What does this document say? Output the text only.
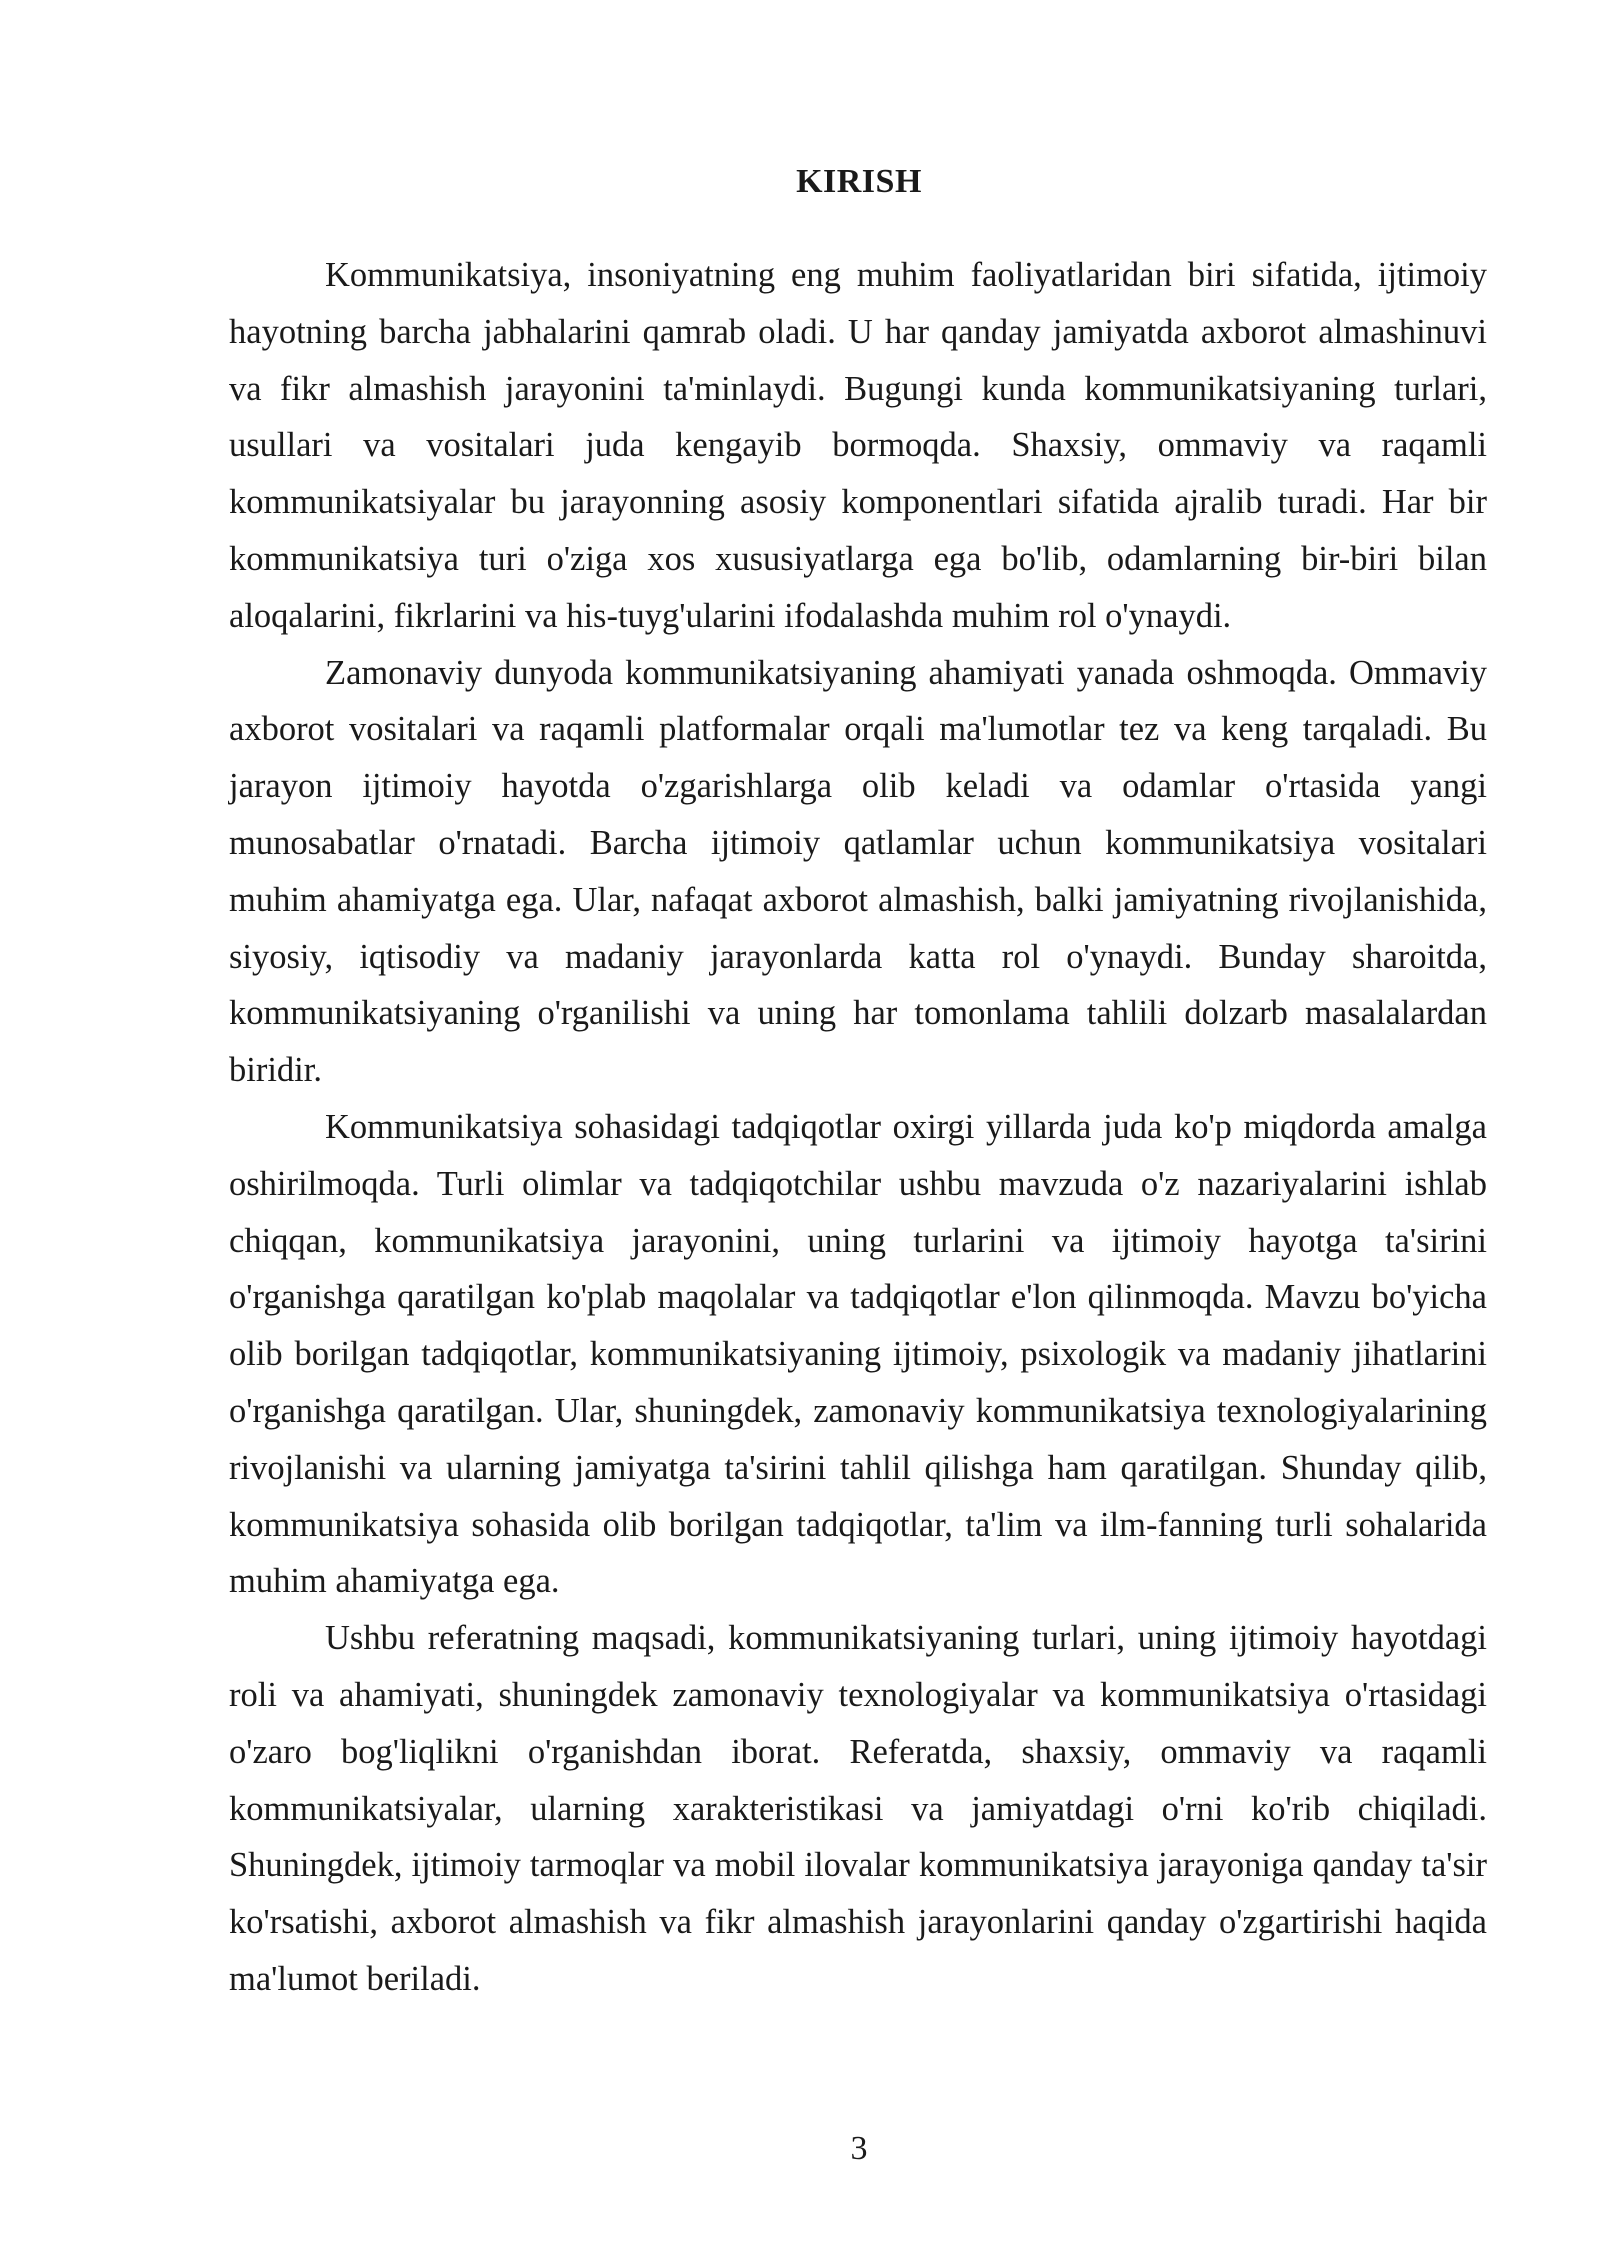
KIRISH

Kommunikatsiya, insoniyatning eng muhim faoliyatlaridan biri sifatida, ijtimoiy hayotning barcha jabhalarini qamrab oladi. U har qanday jamiyatda axborot almashinuvi va fikr almashish jarayonini ta'minlaydi. Bugungi kunda kommunikatsiyaning turlari, usullari va vositalari juda kengayib bormoqda. Shaxsiy, ommaviy va raqamli kommunikatsiyalar bu jarayonning asosiy komponentlari sifatida ajralib turadi. Har bir kommunikatsiya turi o'ziga xos xususiyatlarga ega bo'lib, odamlarning bir-biri bilan aloqalarini, fikrlarini va his-tuyg'ularini ifodalashda muhim rol o'ynaydi.

Zamonaviy dunyoda kommunikatsiyaning ahamiyati yanada oshmoqda. Ommaviy axborot vositalari va raqamli platformalar orqali ma'lumotlar tez va keng tarqaladi. Bu jarayon ijtimoiy hayotda o'zgarishlarga olib keladi va odamlar o'rtasida yangi munosabatlar o'rnatadi. Barcha ijtimoiy qatlamlar uchun kommunikatsiya vositalari muhim ahamiyatga ega. Ular, nafaqat axborot almashish, balki jamiyatning rivojlanishida, siyosiy, iqtisodiy va madaniy jarayonlarda katta rol o'ynaydi. Bunday sharoitda, kommunikatsiyaning o'rganilishi va uning har tomonlama tahlili dolzarb masalalardan biridir.

Kommunikatsiya sohasidagi tadqiqotlar oxirgi yillarda juda ko'p miqdorda amalga oshirilmoqda. Turli olimlar va tadqiqotchilar ushbu mavzuda o'z nazariyalarini ishlab chiqqan, kommunikatsiya jarayonini, uning turlarini va ijtimoiy hayotga ta'sirini o'rganishga qaratilgan ko'plab maqolalar va tadqiqotlar e'lon qilinmoqda. Mavzu bo'yicha olib borilgan tadqiqotlar, kommunikatsiyaning ijtimoiy, psixologik va madaniy jihatlarini o'rganishga qaratilgan. Ular, shuningdek, zamonaviy kommunikatsiya texnologiyalarining rivojlanishi va ularning jamiyatga ta'sirini tahlil qilishga ham qaratilgan. Shunday qilib, kommunikatsiya sohasida olib borilgan tadqiqotlar, ta'lim va ilm-fanning turli sohalarida muhim ahamiyatga ega.

Ushbu referatning maqsadi, kommunikatsiyaning turlari, uning ijtimoiy hayotdagi roli va ahamiyati, shuningdek zamonaviy texnologiyalar va kommunikatsiya o'rtasidagi o'zaro bog'liqlikni o'rganishdan iborat. Referatda, shaxsiy, ommaviy va raqamli kommunikatsiyalar, ularning xarakteristikasi va jamiyatdagi o'rni ko'rib chiqiladi. Shuningdek, ijtimoiy tarmoqlar va mobil ilovalar kommunikatsiya jarayoniga qanday ta'sir ko'rsatishi, axborot almashish va fikr almashish jarayonlarini qanday o'zgartirishi haqida ma'lumot beriladi.

3
